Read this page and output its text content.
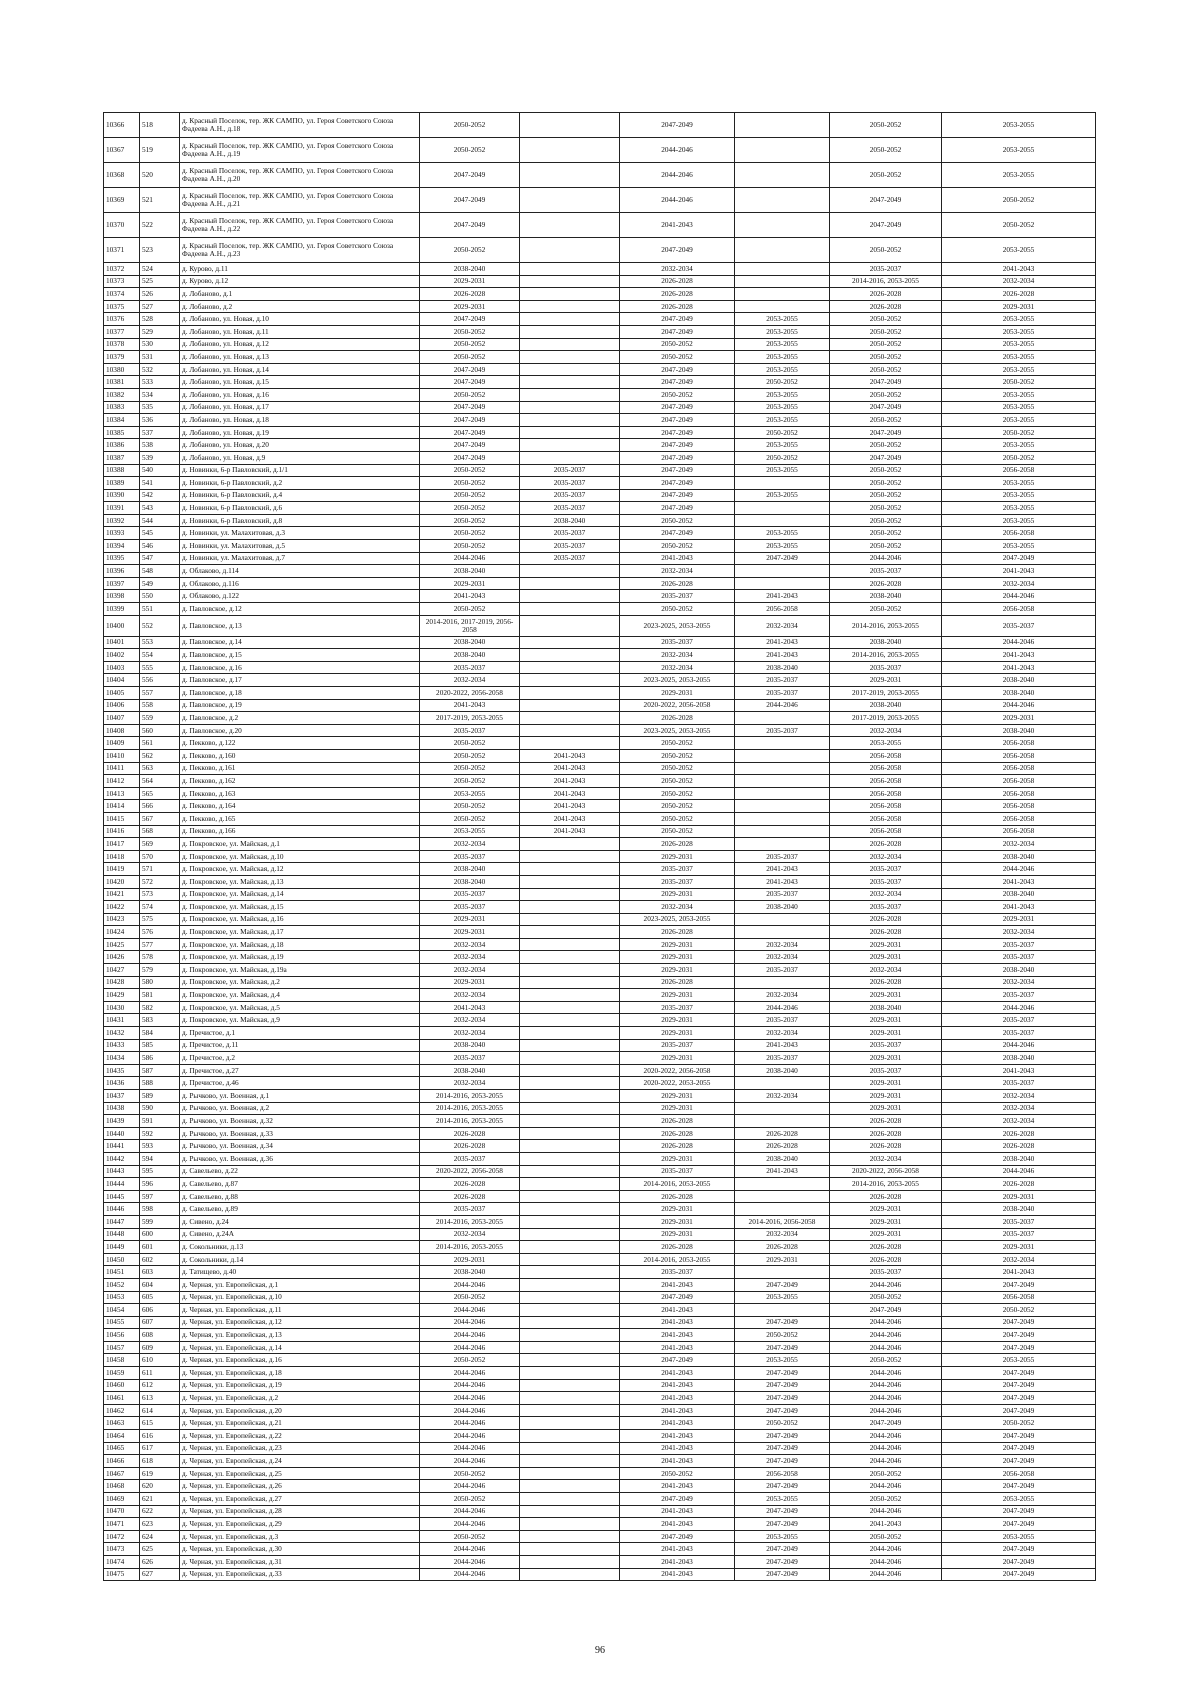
10366	518	д. Красный Поселок, тер. ЖК САМПО, ул. Героя Советского Союза Фадеева А.Н., д.18	2050-2052		2047-2049		2050-2052	2053-2055
10367	519	д. Красный Поселок, тер. ЖК САМПО, ул. Героя Советского Союза Фадеева А.Н., д.19	2050-2052		2044-2046		2050-2052	2053-2055
10368	520	д. Красный Поселок, тер. ЖК САМПО, ул. Героя Советского Союза Фадеева А.Н., д.20	2047-2049		2044-2046		2050-2052	2053-2055
10369	521	д. Красный Поселок, тер. ЖК САМПО, ул. Героя Советского Союза Фадеева А.Н., д.21	2047-2049		2044-2046		2047-2049	2050-2052
10370	522	д. Красный Поселок, тер. ЖК САМПО, ул. Героя Советского Союза Фадеева А.Н., д.22	2047-2049		2041-2043		2047-2049	2050-2052
10371	523	д. Красный Поселок, тер. ЖК САМПО, ул. Героя Советского Союза Фадеева А.Н., д.23	2050-2052		2047-2049		2050-2052	2053-2055
10372	524	д. Курово, д.11	2038-2040		2032-2034		2035-2037	2041-2043
10373	525	д. Курово, д.12	2029-2031		2026-2028		2014-2016, 2053-2055	2032-2034
10374	526	д. Лобаново, д.1	2026-2028		2026-2028		2026-2028	2026-2028
10375	527	д. Лобаново, д.2	2029-2031		2026-2028		2026-2028	2029-2031
10376	528	д. Лобаново, ул. Новая, д.10	2047-2049		2047-2049	2053-2055	2050-2052	2053-2055
10377	529	д. Лобаново, ул. Новая, д.11	2050-2052		2047-2049	2053-2055	2050-2052	2053-2055
10378	530	д. Лобаново, ул. Новая, д.12	2050-2052		2050-2052	2053-2055	2050-2052	2053-2055
10379	531	д. Лобаново, ул. Новая, д.13	2050-2052		2050-2052	2053-2055	2050-2052	2053-2055
10380	532	д. Лобаново, ул. Новая, д.14	2047-2049		2047-2049	2053-2055	2050-2052	2053-2055
10381	533	д. Лобаново, ул. Новая, д.15	2047-2049		2047-2049	2050-2052	2047-2049	2050-2052
10382	534	д. Лобаново, ул. Новая, д.16	2050-2052		2050-2052	2053-2055	2050-2052	2053-2055
10383	535	д. Лобаново, ул. Новая, д.17	2047-2049		2047-2049	2053-2055	2047-2049	2053-2055
10384	536	д. Лобаново, ул. Новая, д.18	2047-2049		2047-2049	2053-2055	2050-2052	2053-2055
10385	537	д. Лобаново, ул. Новая, д.19	2047-2049		2047-2049	2050-2052	2047-2049	2050-2052
10386	538	д. Лобаново, ул. Новая, д.20	2047-2049		2047-2049	2053-2055	2050-2052	2053-2055
10387	539	д. Лобаново, ул. Новая, д.9	2047-2049		2047-2049	2050-2052	2047-2049	2050-2052
10388	540	д. Новинки, 6-р Павловский, д.1/1	2050-2052	2035-2037	2047-2049	2053-2055	2050-2052	2056-2058
10389	541	д. Новинки, 6-р Павловский, д.2	2050-2052	2035-2037	2047-2049		2050-2052	2053-2055
10390	542	д. Новинки, 6-р Павловский, д.4	2050-2052	2035-2037	2047-2049	2053-2055	2050-2052	2053-2055
10391	543	д. Новинки, 6-р Павловский, д.6	2050-2052	2035-2037	2047-2049		2050-2052	2053-2055
10392	544	д. Новинки, 6-р Павловский, д.8	2050-2052	2038-2040	2050-2052		2050-2052	2053-2055
10393	545	д. Новинки, ул. Малахитовая, д.3	2050-2052	2035-2037	2047-2049	2053-2055	2050-2052	2056-2058
10394	546	д. Новинки, ул. Малахитовая, д.5	2050-2052	2035-2037	2050-2052	2053-2055	2050-2052	2053-2055
10395	547	д. Новинки, ул. Малахитовая, д.7	2044-2046	2035-2037	2041-2043	2047-2049	2044-2046	2047-2049
10396	548	д. Облаково, д.114	2038-2040		2032-2034		2035-2037	2041-2043
10397	549	д. Облаково, д.116	2029-2031		2026-2028		2026-2028	2032-2034
10398	550	д. Облаково, д.122	2041-2043		2035-2037	2041-2043	2038-2040	2044-2046
10399	551	д. Павловское, д.12	2050-2052		2050-2052	2056-2058	2050-2052	2056-2058
10400	552	д. Павловское, д.13	2014-2016, 2017-2019, 2056-2058		2023-2025, 2053-2055	2032-2034	2014-2016, 2053-2055	2035-2037
10401	553	д. Павловское, д.14	2038-2040		2035-2037	2041-2043	2038-2040	2044-2046
10402	554	д. Павловское, д.15	2038-2040		2032-2034	2041-2043	2014-2016, 2053-2055	2041-2043
10403	555	д. Павловское, д.16	2035-2037		2032-2034	2038-2040	2035-2037	2041-2043
10404	556	д. Павловское, д.17	2032-2034		2023-2025, 2053-2055	2035-2037	2029-2031	2038-2040
10405	557	д. Павловское, д.18	2020-2022, 2056-2058		2029-2031	2035-2037	2017-2019, 2053-2055	2038-2040
10406	558	д. Павловское, д.19	2041-2043		2020-2022, 2056-2058	2044-2046	2038-2040	2044-2046
10407	559	д. Павловское, д.2	2017-2019, 2053-2055		2026-2028		2017-2019, 2053-2055	2029-2031
10408	560	д. Павловское, д.20	2035-2037		2023-2025, 2053-2055	2035-2037	2032-2034	2038-2040
10409	561	д. Пекково, д.122	2050-2052		2050-2052		2053-2055	2056-2058
10410	562	д. Пекково, д.160	2050-2052	2041-2043	2050-2052		2056-2058	2056-2058
10411	563	д. Пекково, д.161	2050-2052	2041-2043	2050-2052		2056-2058	2056-2058
10412	564	д. Пекково, д.162	2050-2052	2041-2043	2050-2052		2056-2058	2056-2058
10413	565	д. Пекково, д.163	2053-2055	2041-2043	2050-2052		2056-2058	2056-2058
10414	566	д. Пекково, д.164	2050-2052	2041-2043	2050-2052		2056-2058	2056-2058
10415	567	д. Пекково, д.165	2050-2052	2041-2043	2050-2052		2056-2058	2056-2058
10416	568	д. Пекково, д.166	2053-2055	2041-2043	2050-2052		2056-2058	2056-2058
10417	569	д. Покровское, ул. Майская, д.1	2032-2034		2026-2028		2026-2028	2032-2034
10418	570	д. Покровское, ул. Майская, д.10	2035-2037		2029-2031	2035-2037	2032-2034	2038-2040
10419	571	д. Покровское, ул. Майская, д.12	2038-2040		2035-2037	2041-2043	2035-2037	2044-2046
10420	572	д. Покровское, ул. Майская, д.13	2038-2040		2035-2037	2041-2043	2035-2037	2041-2043
10421	573	д. Покровское, ул. Майская, д.14	2035-2037		2029-2031	2035-2037	2032-2034	2038-2040
10422	574	д. Покровское, ул. Майская, д.15	2035-2037		2032-2034	2038-2040	2035-2037	2041-2043
10423	575	д. Покровское, ул. Майская, д.16	2029-2031		2023-2025, 2053-2055		2026-2028	2029-2031
10424	576	д. Покровское, ул. Майская, д.17	2029-2031		2026-2028		2026-2028	2032-2034
10425	577	д. Покровское, ул. Майская, д.18	2032-2034		2029-2031	2032-2034	2029-2031	2035-2037
10426	578	д. Покровское, ул. Майская, д.19	2032-2034		2029-2031	2032-2034	2029-2031	2035-2037
10427	579	д. Покровское, ул. Майская, д.19а	2032-2034		2029-2031	2035-2037	2032-2034	2038-2040
10428	580	д. Покровское, ул. Майская, д.2	2029-2031		2026-2028		2026-2028	2032-2034
10429	581	д. Покровское, ул. Майская, д.4	2032-2034		2029-2031	2032-2034	2029-2031	2035-2037
10430	582	д. Покровское, ул. Майская, д.5	2041-2043		2035-2037	2044-2046	2038-2040	2044-2046
10431	583	д. Покровское, ул. Майская, д.9	2032-2034		2029-2031	2035-2037	2029-2031	2035-2037
10432	584	д. Пречистое, д.1	2032-2034		2029-2031	2032-2034	2029-2031	2035-2037
10433	585	д. Пречистое, д.11	2038-2040		2035-2037	2041-2043	2035-2037	2044-2046
10434	586	д. Пречистое, д.2	2035-2037		2029-2031	2035-2037	2029-2031	2038-2040
10435	587	д. Пречистое, д.27	2038-2040		2020-2022, 2056-2058	2038-2040	2035-2037	2041-2043
10436	588	д. Пречистое, д.46	2032-2034		2020-2022, 2053-2055		2029-2031	2035-2037
10437	589	д. Рычково, ул. Военная, д.1	2014-2016, 2053-2055		2029-2031	2032-2034	2029-2031	2032-2034
10438	590	д. Рычково, ул. Военная, д.2	2014-2016, 2053-2055		2029-2031		2029-2031	2032-2034
10439	591	д. Рычково, ул. Военная, д.32	2014-2016, 2053-2055		2026-2028		2026-2028	2032-2034
10440	592	д. Рычково, ул. Военная, д.33	2026-2028		2026-2028	2026-2028	2026-2028	2026-2028
10441	593	д. Рычково, ул. Военная, д.34	2026-2028		2026-2028	2026-2028	2026-2028	2026-2028
10442	594	д. Рычково, ул. Военная, д.36	2035-2037		2029-2031	2038-2040	2032-2034	2038-2040
10443	595	д. Савельево, д.22	2020-2022, 2056-2058		2035-2037	2041-2043	2020-2022, 2056-2058	2044-2046
10444	596	д. Савельево, д.87	2026-2028		2014-2016, 2053-2055		2014-2016, 2053-2055	2026-2028
10445	597	д. Савельево, д.88	2026-2028		2026-2028		2026-2028	2029-2031
10446	598	д. Савельево, д.89	2035-2037		2029-2031		2029-2031	2038-2040
10447	599	д. Сивено, д.24	2014-2016, 2053-2055		2029-2031	2014-2016, 2056-2058	2029-2031	2035-2037
10448	600	д. Сивено, д.24А	2032-2034		2029-2031	2032-2034	2029-2031	2035-2037
10449	601	д. Сокольники, д.13	2014-2016, 2053-2055		2026-2028	2026-2028	2026-2028	2029-2031
10450	602	д. Сокольники, д.14	2029-2031		2014-2016, 2053-2055	2029-2031	2026-2028	2032-2034
10451	603	д. Татищево, д.40	2038-2040		2035-2037		2035-2037	2041-2043
10452	604	д. Черная, ул. Европейская, д.1	2044-2046		2041-2043	2047-2049	2044-2046	2047-2049
10453	605	д. Черная, ул. Европейская, д.10	2050-2052		2047-2049	2053-2055	2050-2052	2056-2058
10454	606	д. Черная, ул. Европейская, д.11	2044-2046		2041-2043		2047-2049	2050-2052
10455	607	д. Черная, ул. Европейская, д.12	2044-2046		2041-2043	2047-2049	2044-2046	2047-2049
10456	608	д. Черная, ул. Европейская, д.13	2044-2046		2041-2043	2050-2052	2044-2046	2047-2049
10457	609	д. Черная, ул. Европейская, д.14	2044-2046		2041-2043	2047-2049	2044-2046	2047-2049
10458	610	д. Черная, ул. Европейская, д.16	2050-2052		2047-2049	2053-2055	2050-2052	2053-2055
10459	611	д. Черная, ул. Европейская, д.18	2044-2046		2041-2043	2047-2049	2044-2046	2047-2049
10460	612	д. Черная, ул. Европейская, д.19	2044-2046		2041-2043	2047-2049	2044-2046	2047-2049
10461	613	д. Черная, ул. Европейская, д.2	2044-2046		2041-2043	2047-2049	2044-2046	2047-2049
10462	614	д. Черная, ул. Европейская, д.20	2044-2046		2041-2043	2047-2049	2044-2046	2047-2049
10463	615	д. Черная, ул. Европейская, д.21	2044-2046		2041-2043	2050-2052	2047-2049	2050-2052
10464	616	д. Черная, ул. Европейская, д.22	2044-2046		2041-2043	2047-2049	2044-2046	2047-2049
10465	617	д. Черная, ул. Европейская, д.23	2044-2046		2041-2043	2047-2049	2044-2046	2047-2049
10466	618	д. Черная, ул. Европейская, д.24	2044-2046		2041-2043	2047-2049	2044-2046	2047-2049
10467	619	д. Черная, ул. Европейская, д.25	2050-2052		2050-2052	2056-2058	2050-2052	2056-2058
10468	620	д. Черная, ул. Европейская, д.26	2044-2046		2041-2043	2047-2049	2044-2046	2047-2049
10469	621	д. Черная, ул. Европейская, д.27	2050-2052		2047-2049	2053-2055	2050-2052	2053-2055
10470	622	д. Черная, ул. Европейская, д.28	2044-2046		2041-2043	2047-2049	2044-2046	2047-2049
10471	623	д. Черная, ул. Европейская, д.29	2044-2046		2041-2043	2047-2049	2041-2043	2047-2049
10472	624	д. Черная, ул. Европейская, д.3	2050-2052		2047-2049	2053-2055	2050-2052	2053-2055
10473	625	д. Черная, ул. Европейская, д.30	2044-2046		2041-2043	2047-2049	2044-2046	2047-2049
10474	626	д. Черная, ул. Европейская, д.31	2044-2046		2041-2043	2047-2049	2044-2046	2047-2049
10475	627	д. Черная, ул. Европейская, д.33	2044-2046		2041-2043	2047-2049	2044-2046	2047-2049
96
